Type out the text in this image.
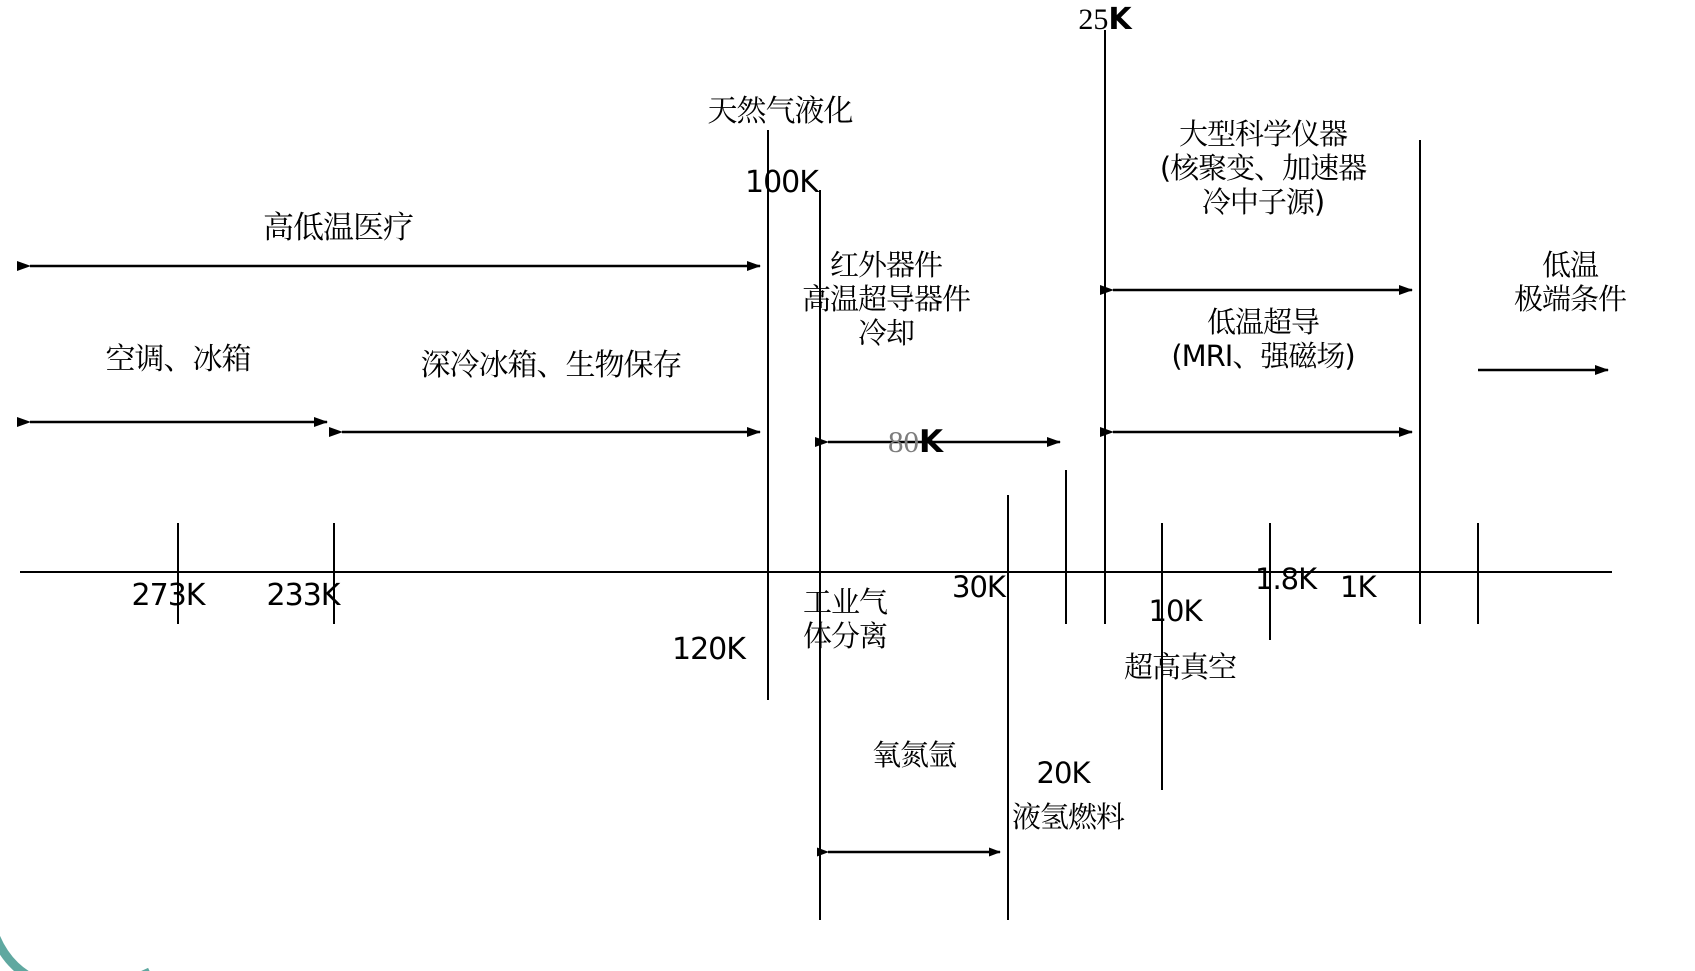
25K
天然气液化
100K
大型科学仪器
(核聚变、加速器
冷中子源)
高低温医疗
红外器件
高温超导器件
冷却
低温
极端条件
低温超导
(MRI、强磁场)
空调、冰箱	深冷冰箱、生物保存
80K
273K 233K	30K	1.8K 1K
10K
120K
工业气
体分离
超高真空
氧氮氩
20K
液氢燃料
